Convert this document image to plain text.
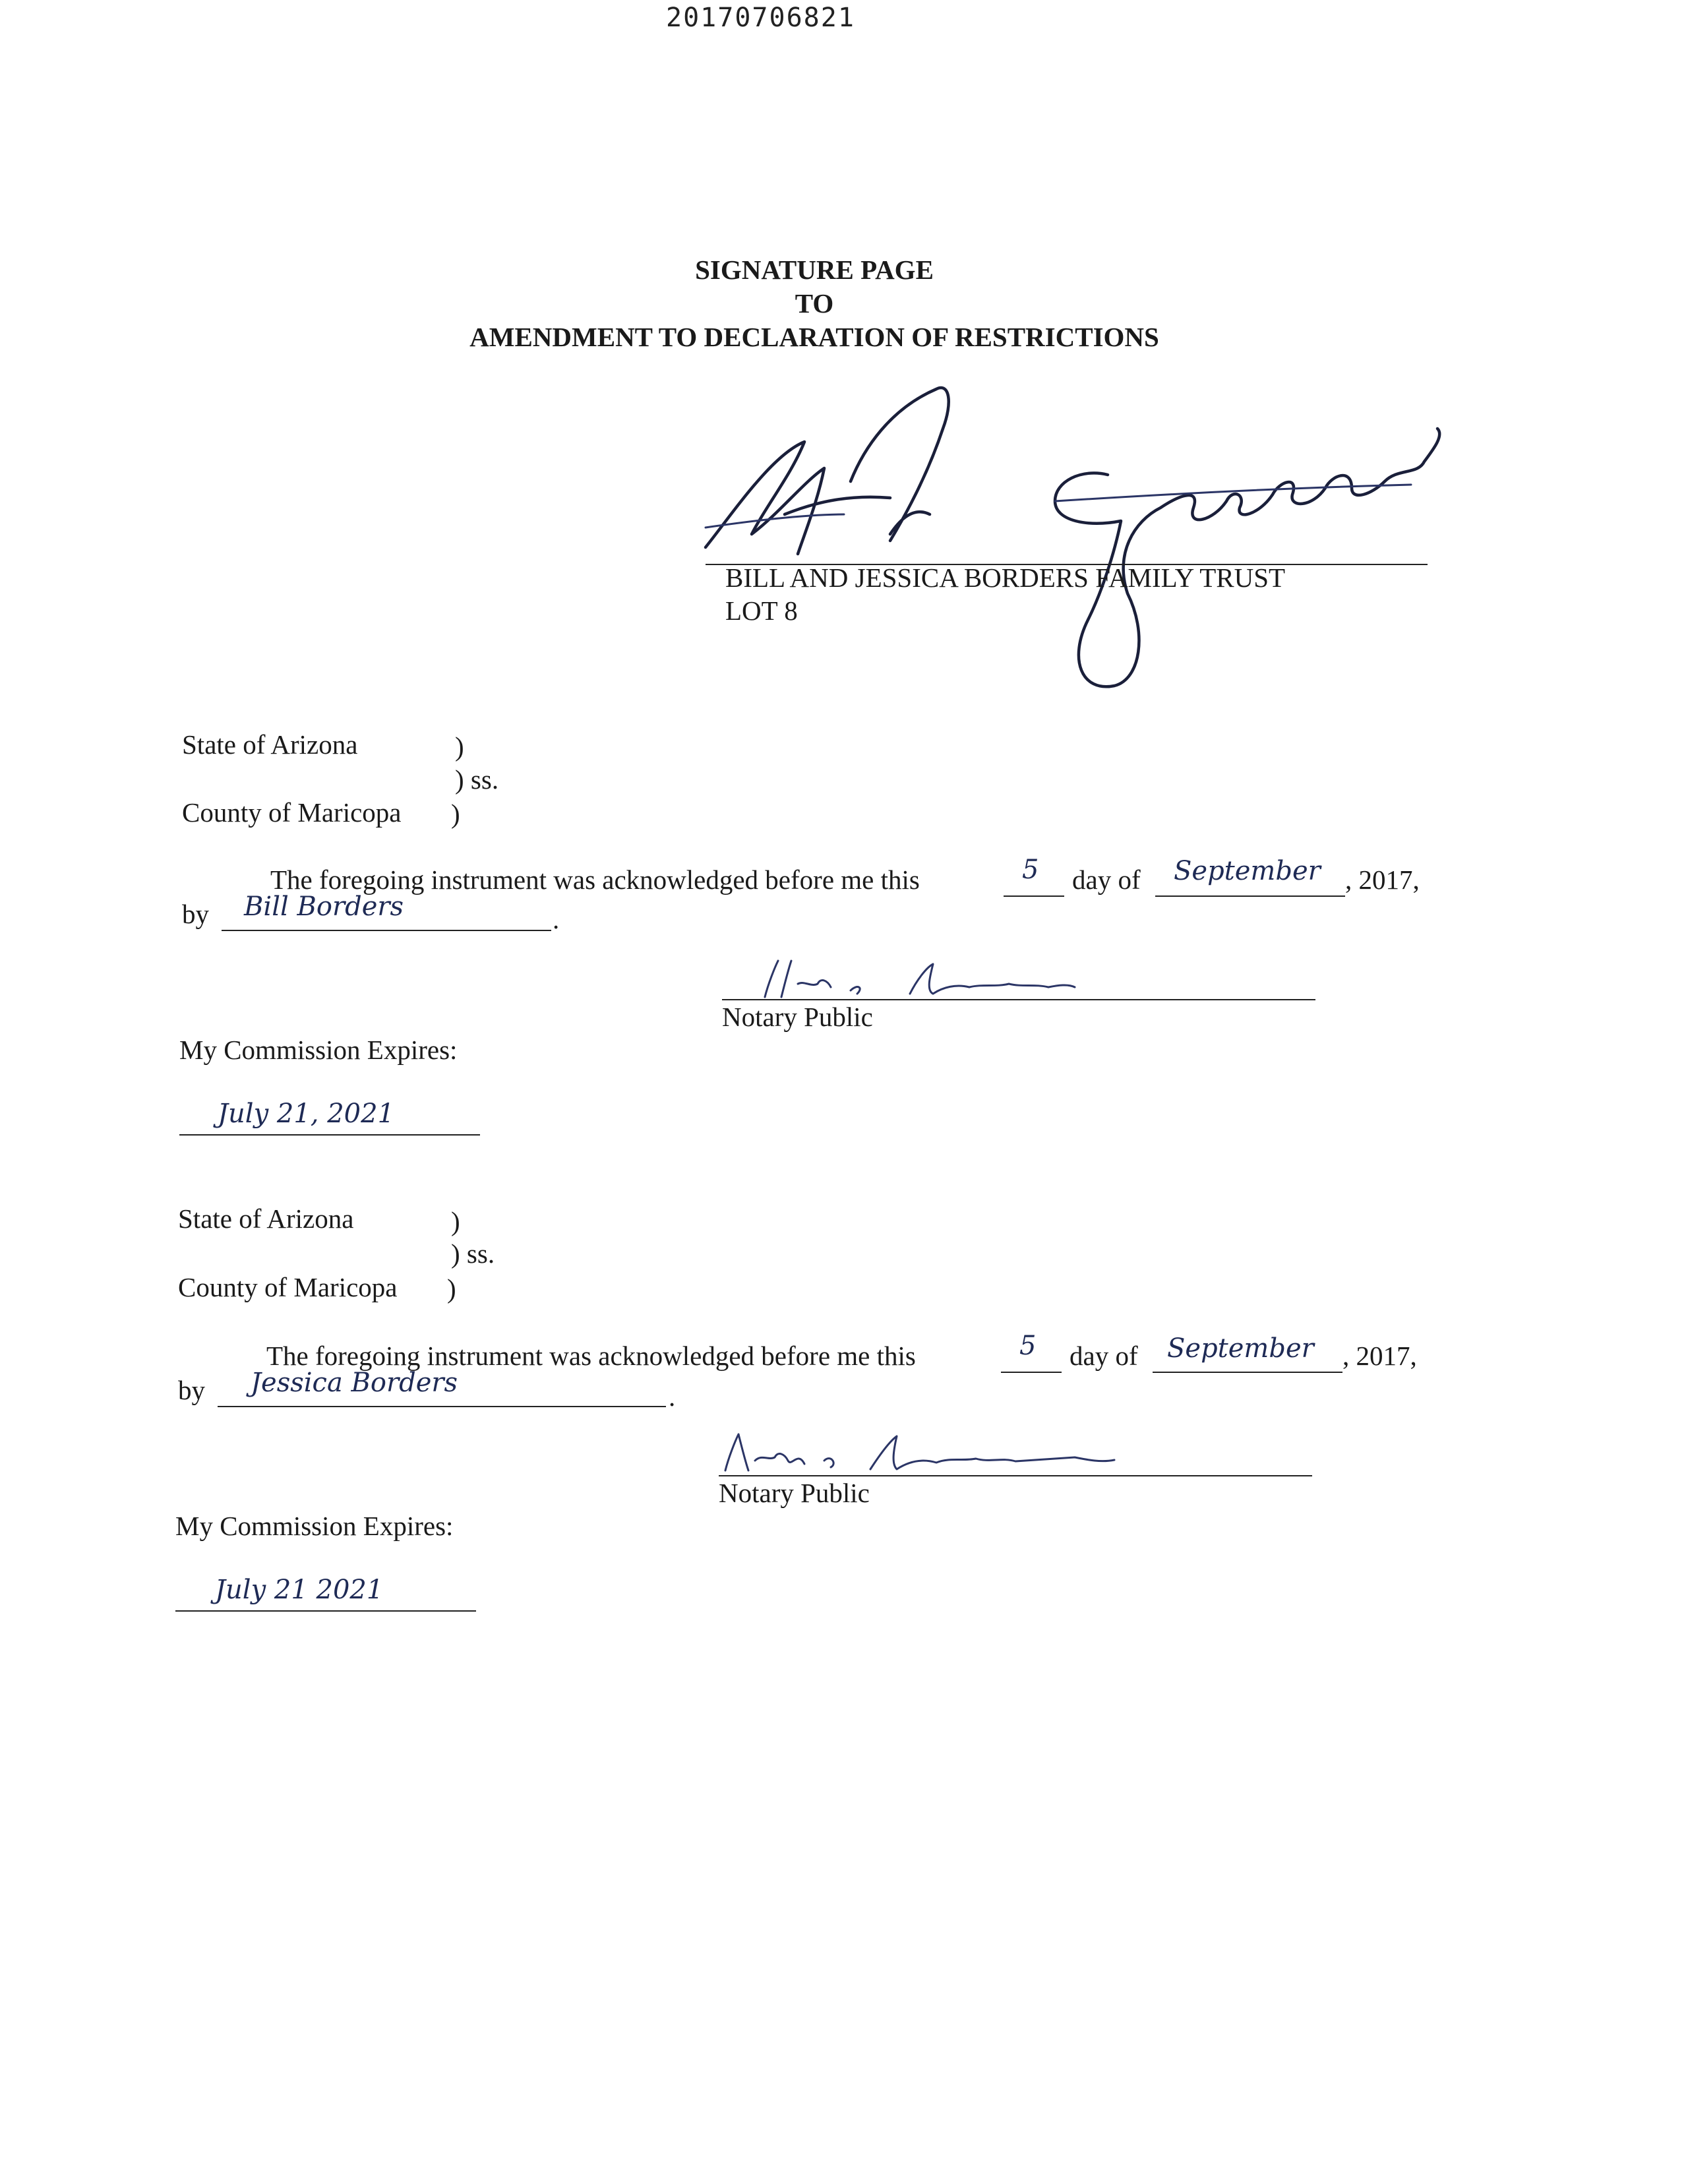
20170706821
SIGNATURE PAGE
TO
AMENDMENT TO DECLARATION OF RESTRICTIONS
BILL AND JESSICA BORDERS FAMILY TRUST
LOT 8
State of Arizona	)
) ss.
County of Maricopa )
The foregoing instrument was acknowledged before me this	5 day of September , 2017,
by Bill Borders	.
Notary Public
My Commission Expires:
July 21, 2021
State of Arizona	)
) ss.
County of Maricopa )
The foregoing instrument was acknowledged before me this	5 day of September , 2017,
by Jessica Borders	.
Notary Public
My Commission Expires:
July 21 2021
